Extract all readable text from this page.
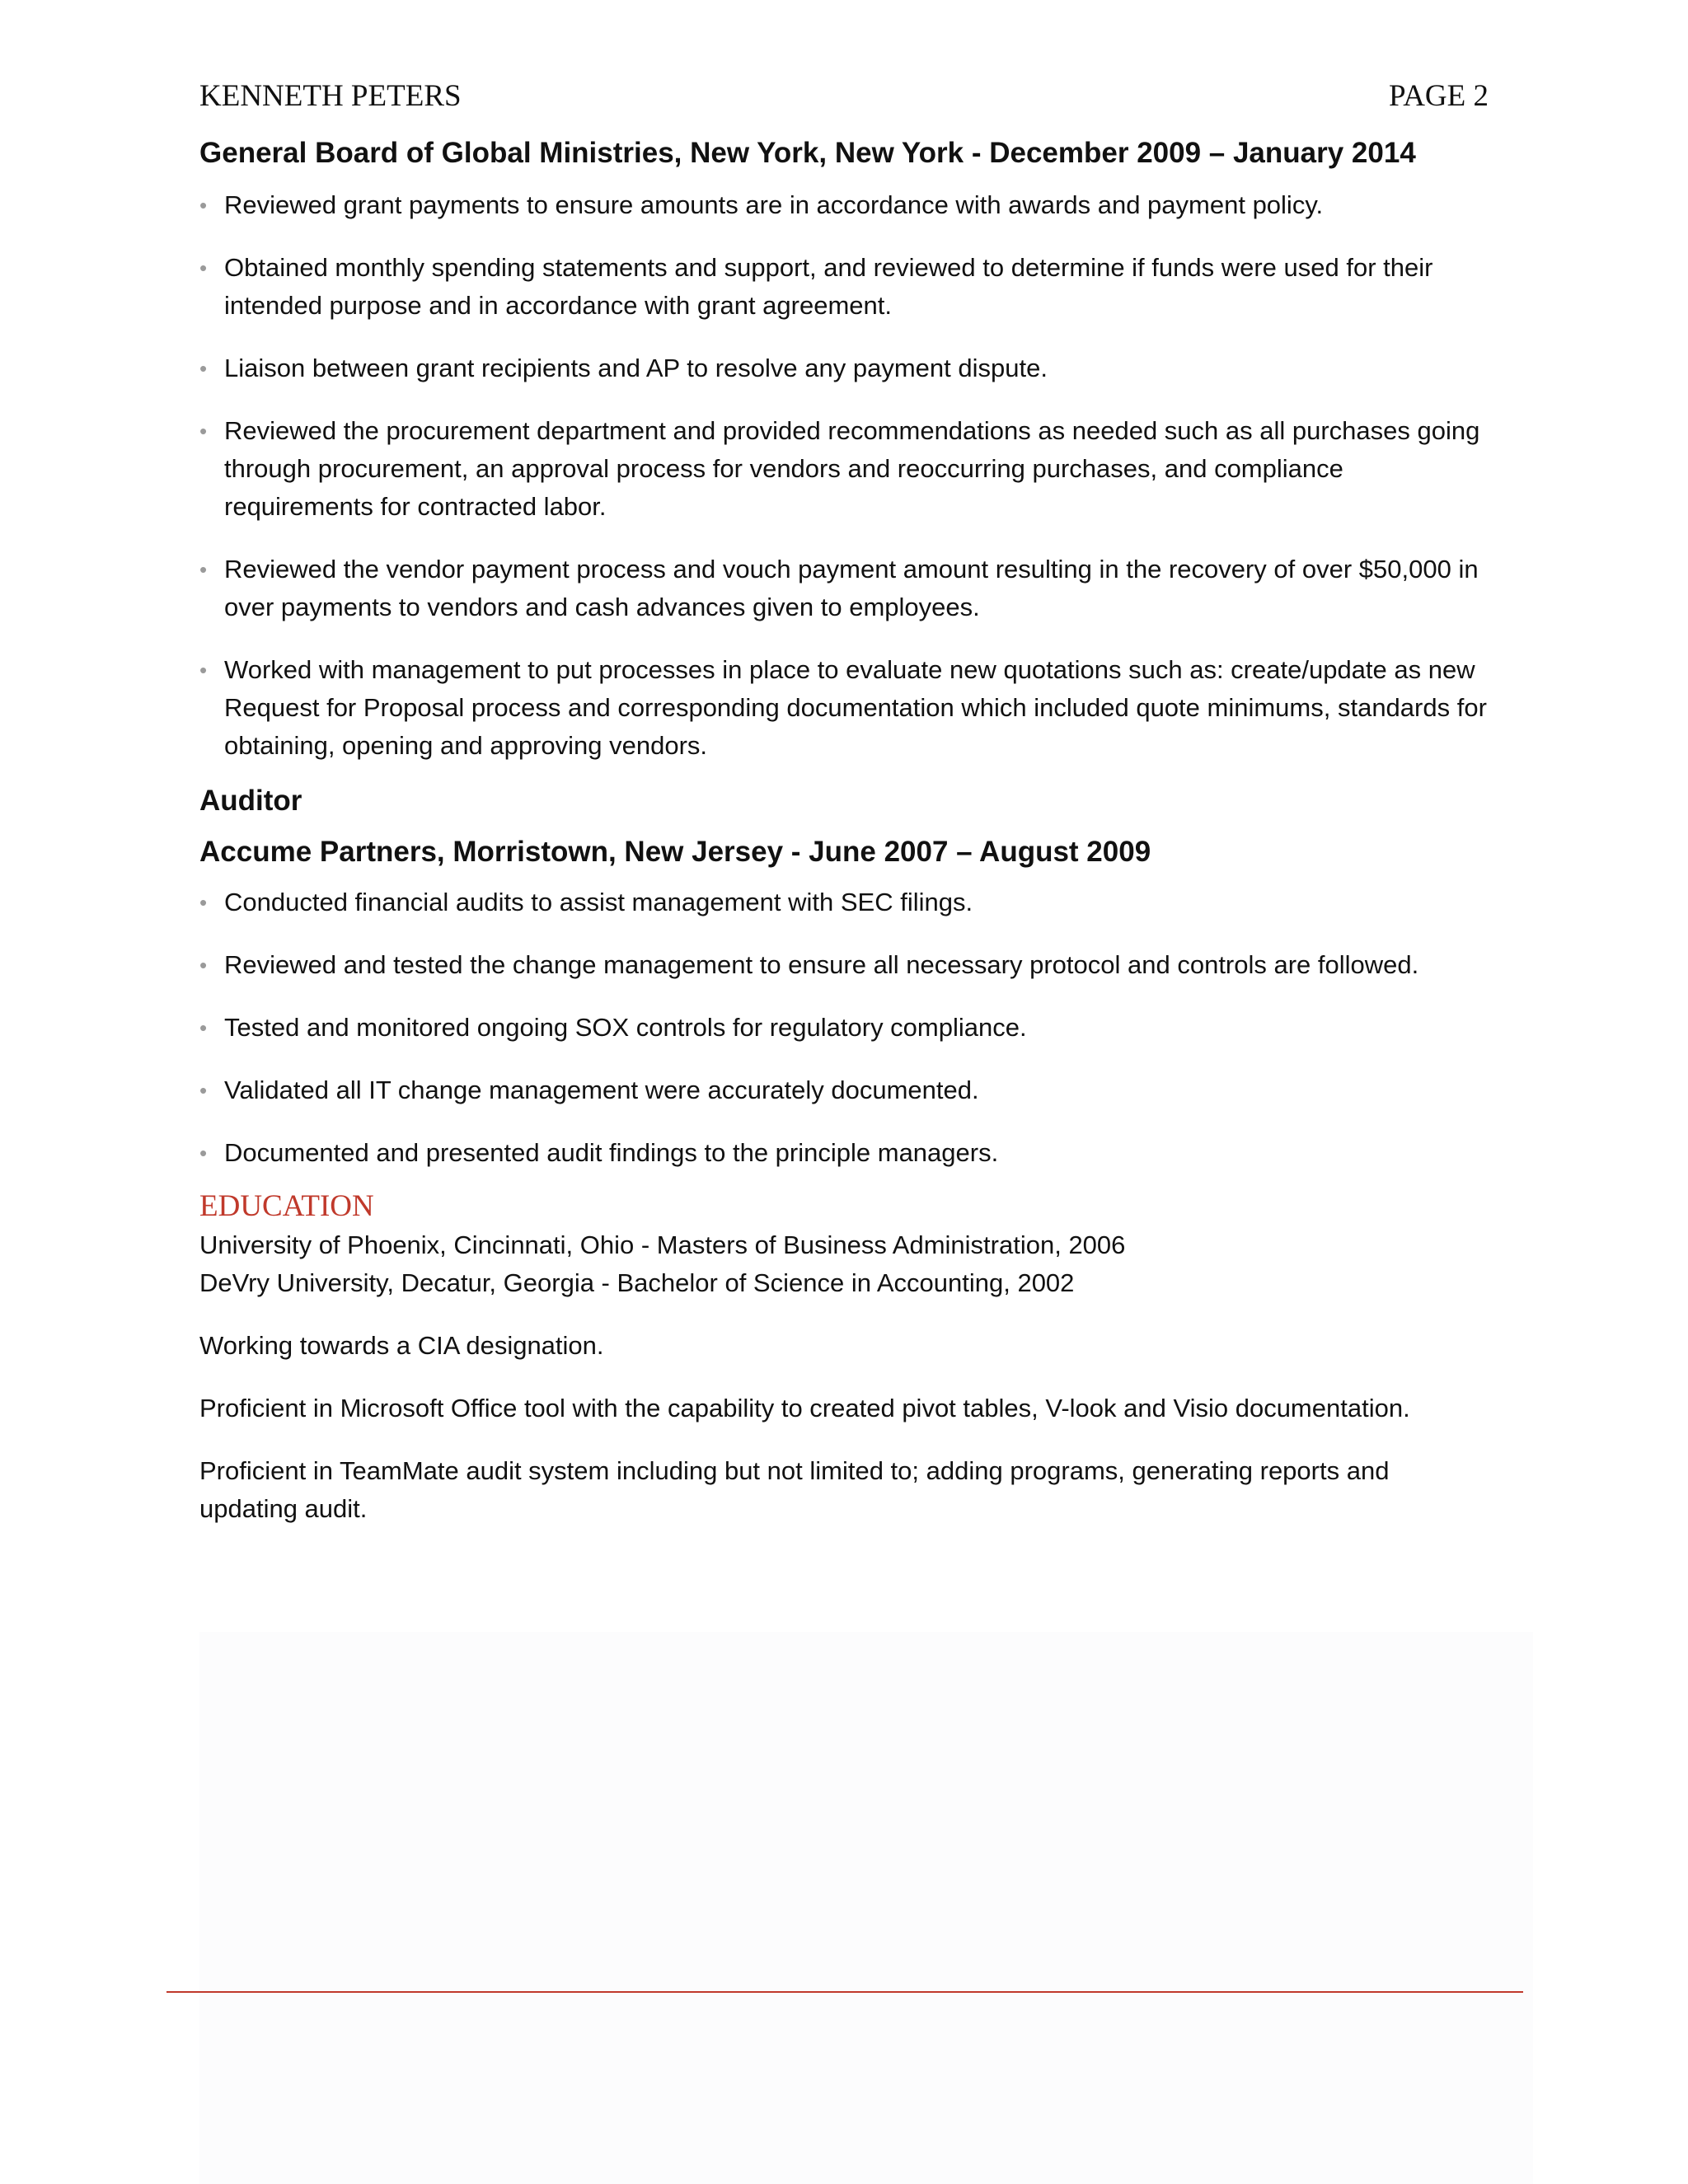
KENNETH PETERS	PAGE 2

General Board of Global Ministries, New York, New York - December 2009 – January 2014

• Reviewed grant payments to ensure amounts are in accordance with awards and payment policy.
• Obtained monthly spending statements and support, and reviewed to determine if funds were used for their intended purpose and in accordance with grant agreement.
• Liaison between grant recipients and AP to resolve any payment dispute.
• Reviewed the procurement department and provided recommendations as needed such as all purchases going through procurement, an approval process for vendors and reoccurring purchases, and compliance requirements for contracted labor.
• Reviewed the vendor payment process and vouch payment amount resulting in the recovery of over $50,000 in over payments to vendors and cash advances given to employees.
• Worked with management to put processes in place to evaluate new quotations such as: create/update as new Request for Proposal process and corresponding documentation which included quote minimums, standards for obtaining, opening and approving vendors.

Auditor

Accume Partners, Morristown, New Jersey - June 2007 – August 2009

• Conducted financial audits to assist management with SEC filings.
• Reviewed and tested the change management to ensure all necessary protocol and controls are followed.
• Tested and monitored ongoing SOX controls for regulatory compliance.
• Validated all IT change management were accurately documented.
• Documented and presented audit findings to the principle managers.

EDUCATION

University of Phoenix, Cincinnati, Ohio - Masters of Business Administration, 2006
DeVry University, Decatur, Georgia - Bachelor of Science in Accounting, 2002
Working towards a CIA designation.
Proficient in Microsoft Office tool with the capability to created pivot tables, V-look and Visio documentation.
Proficient in TeamMate audit system including but not limited to; adding programs, generating reports and updating audit.
